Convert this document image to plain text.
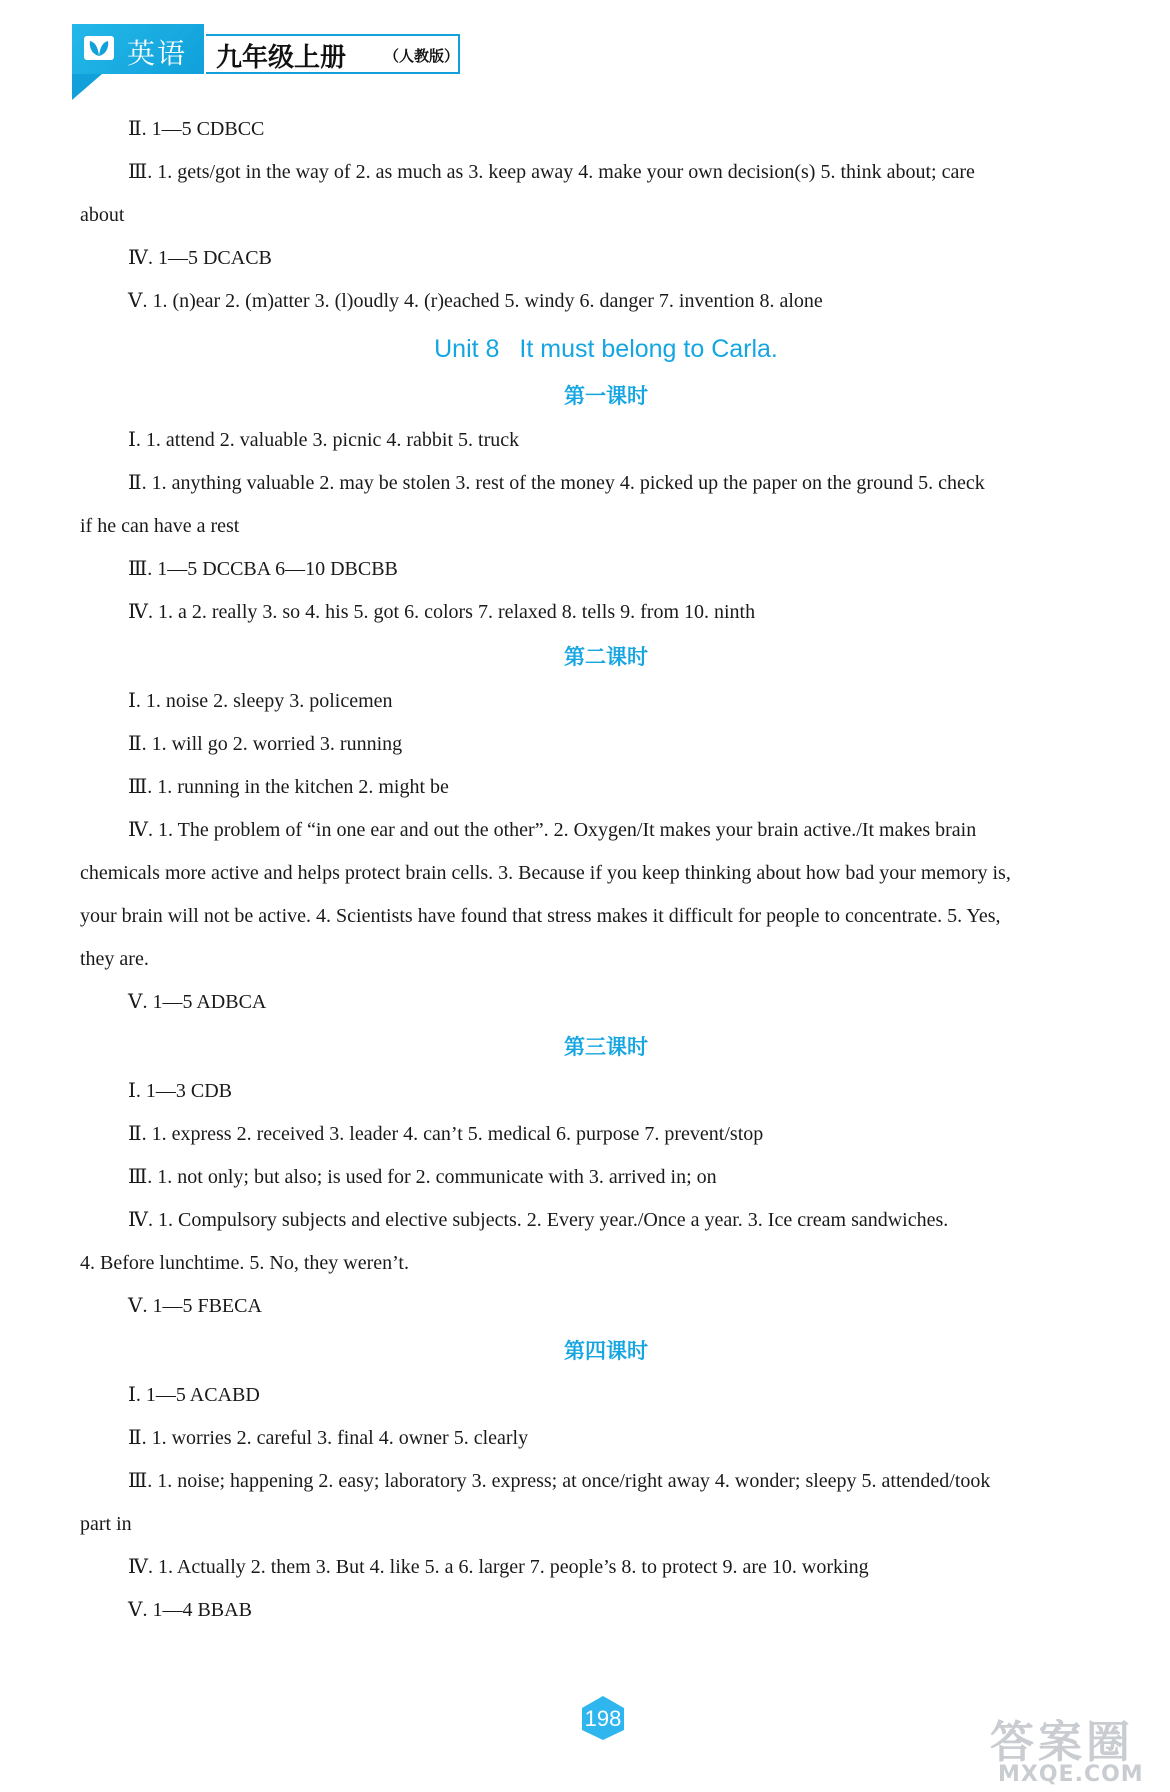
英语 九年级上册	（人教版）
Ⅱ. 1—5 CDBCC
Ⅲ. 1. gets/got in the way of 2. as much as 3. keep away 4. make your own decision(s) 5. think about; care
about
Ⅳ. 1—5 DCACB
Ⅴ. 1. (n)ear 2. (m)atter 3. (l)oudly 4. (r)eached 5. windy 6. danger 7. invention 8. alone
Unit 8 It must belong to Carla.
第一课时
Ⅰ. 1. attend 2. valuable 3. picnic 4. rabbit 5. truck
Ⅱ. 1. anything valuable 2. may be stolen 3. rest of the money 4. picked up the paper on the ground 5. check
if he can have a rest
Ⅲ. 1—5 DCCBA 6—10 DBCBB
Ⅳ. 1. a 2. really 3. so 4. his 5. got 6. colors 7. relaxed 8. tells 9. from 10. ninth
第二课时
Ⅰ. 1. noise 2. sleepy 3. policemen
Ⅱ. 1. will go 2. worried 3. running
Ⅲ. 1. running in the kitchen 2. might be
Ⅳ. 1. The problem of “in one ear and out the other”. 2. Oxygen/It makes your brain active./It makes brain
chemicals more active and helps protect brain cells. 3. Because if you keep thinking about how bad your memory is,
your brain will not be active. 4. Scientists have found that stress makes it difficult for people to concentrate. 5. Yes,
they are.
Ⅴ. 1—5 ADBCA
第三课时
Ⅰ. 1—3 CDB
Ⅱ. 1. express 2. received 3. leader 4. can’t 5. medical 6. purpose 7. prevent/stop
Ⅲ. 1. not only; but also; is used for 2. communicate with 3. arrived in; on
Ⅳ. 1. Compulsory subjects and elective subjects. 2. Every year./Once a year. 3. Ice cream sandwiches.
4. Before lunchtime. 5. No, they weren’t.
Ⅴ. 1—5 FBECA
第四课时
Ⅰ. 1—5 ACABD
Ⅱ. 1. worries 2. careful 3. final 4. owner 5. clearly
Ⅲ. 1. noise; happening 2. easy; laboratory 3. express; at once/right away 4. wonder; sleepy 5. attended/took
part in
Ⅳ. 1. Actually 2. them 3. But 4. like 5. a 6. larger 7. people’s 8. to protect 9. are 10. working
Ⅴ. 1—4 BBAB
198	答案圈
MXQE.COM
